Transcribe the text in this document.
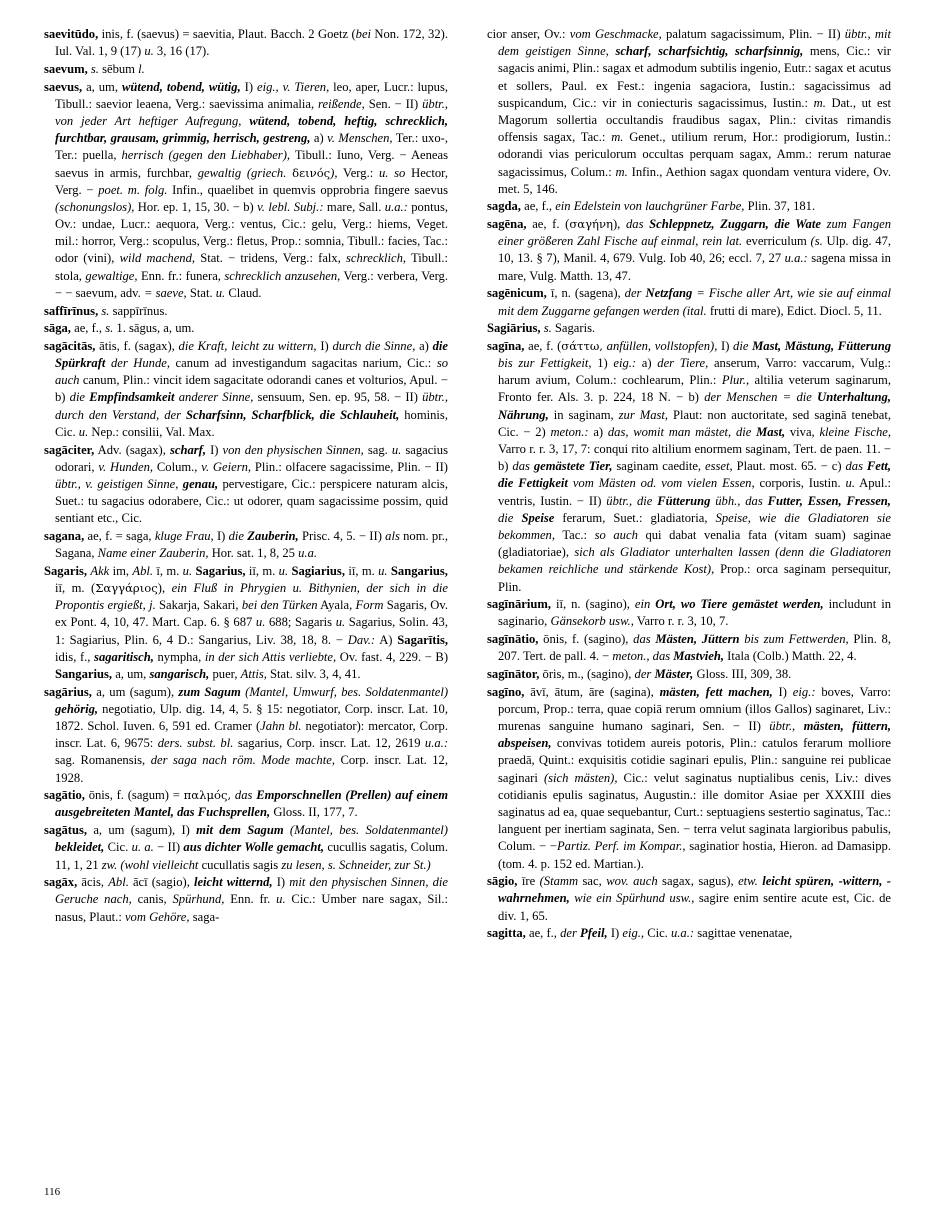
saevitūdo, inis, f. (saevus) = saevitia, Plaut. Bacch. 2 Goetz (bei Non. 172, 32). Iul. Val. 1, 9 (17) u. 3, 16 (17).

saevum, s. sēbum l.

saevus, a, um, wütend, tobend, wütig, I) eig., v. Tieren, leo, aper, Lucr.: lupus, Tibull.: saevior leaena, Verg.: saevissima animalia, reißende, Sen. − II) übtr., von jeder Art heftiger Aufregung, wütend, tobend, heftig, schrecklich, furchtbar, grausam, grimmig, herrisch, gestreng, a) v. Menschen, Ter.: uxo-, Ter.: puella, herrisch (gegen den Liebhaber), Tibull.: Iuno, Verg. − Aeneas saevus in armis, furchbar, gewaltig (griech. δεινός), Verg.: u. so Hector, Verg. − poet. m. folg. Infin., quaelibet in quemvis opprobria fingere saevus (schonungslos), Hor. ep. 1, 15, 30. − b) v. lebl. Subj.: mare, Sall. u.a.: pontus, Ov.: undae, Lucr.: aequora, Verg.: ventus, Cic.: gelu, Verg.: hiems, Veget. mil.: horror, Verg.: scopulus, Verg.: fletus, Prop.: somnia, Tibull.: facies, Tac.: odor (vini), wild machend, Stat. − tridens, Verg.: falx, schrecklich, Tibull.: stola, gewaltige, Enn. fr.: funera, schrecklich anzusehen, Verg.: verbera, Verg. − − saevum, adv. = saeve, Stat. u. Claud.

saffīrīnus, s. sappīrīnus.

sāga, ae, f., s. 1. sāgus, a, um.

sagācitās, ātis, f. (sagax), die Kraft, leicht zu wittern, I) durch die Sinne, a) die Spürkraft der Hunde, canum ad investigandum sagacitas narium, Cic.: so auch canum, Plin.: vincit idem sagacitate odorandi canes et volturios, Apul. − b) die Empfindsamkeit anderer Sinne, sensuum, Sen. ep. 95, 58. − II) übtr., durch den Verstand, der Scharfsinn, Scharfblick, die Schlauheit, hominis, Cic. u. Nep.: consilii, Val. Max.

sagāciter, Adv. (sagax), scharf, I) von den physischen Sinnen, sag. u. sagacius odorari, v. Hunden, Colum., v. Geiern, Plin.: olfacere sagacissime, Plin. − II) übtr., v. geistigen Sinne, genau, pervestigare, Cic.: perspicere naturam alcis, Suet.: tu sagacius odorabere, Cic.: ut odorer, quam sagacissime possim, quid sentiant etc., Cic.

sagana, ae, f. = saga, kluge Frau, I) die Zauberin, Prisc. 4, 5. − II) als nom. pr., Sagana, Name einer Zauberin, Hor. sat. 1, 8, 25 u.a.

Sagaris, Akk im, Abl. ī, m. u. Sagarius, iī, m. u. Sagiarius, iī, m. u. Sangarius, iī, m. (Σαγγάριος), ein Fluß in Phrygien u. Bithynien, der sich in die Propontis ergießt, j. Sakarja, Sakari, bei den Türken Ayala, Form Sagaris, Ov. ex Pont. 4, 10, 47. Mart. Cap. 6. § 687 u. 688; Sagaris u. Sagarius, Solin. 43, 1: Sagiarius, Plin. 6, 4 D.: Sangarius, Liv. 38, 18, 8. − Dav.: A) Sagarītis, idis, f., sagaritisch, nympha, in der sich Attis verliebte, Ov. fast. 4, 229. − B) Sangarius, a, um, sangarisch, puer, Attis, Stat. silv. 3, 4, 41.

sagārius, a, um (sagum), zum Sagum (Mantel, Umwurf, bes. Soldatenmantel) gehörig, negotiatio, Ulp. dig. 14, 4, 5. § 15: negotiator, Corp. inscr. Lat. 10, 1872. Schol. Iuven. 6, 591 ed. Cramer (Jahn bl. negotiator): mercator, Corp. inscr. Lat. 6, 9675: ders. subst. bl. sagarius, Corp. inscr. Lat. 12, 2619 u.a.: sag. Romanensis, der saga nach röm. Mode machte, Corp. inscr. Lat. 12, 1928.

sagātio, ōnis, f. (sagum) = παλμός, das Emporschnellen (Prellen) auf einem ausgebreiteten Mantel, das Fuchsprellen, Gloss. II, 177, 7.

sagātus, a, um (sagum), I) mit dem Sagum (Mantel, bes. Soldatenmantel) bekleidet, Cic. u. a. − II) aus dichter Wolle gemacht, cucullis sagatis, Colum. 11, 1, 21 zw. (wohl vielleicht cucullatis sagis zu lesen, s. Schneider, zur St.)

sagāx, ācis, Abl. ācī (sagio), leicht witternd, I) mit den physischen Sinnen, die Geruche nach, canis, Spürhund, Enn. fr. u. Cic.: Umber nare sagax, Sil.: nasus, Plaut.: vom Gehöre, saga-

cior anser, Ov.: vom Geschmacke, palatum sagacissimum, Plin. − II) übtr., mit dem geistigen Sinne, scharf, scharfsichtig, scharfsinnig, mens, Cic.: vir sagacis animi, Plin.: sagax et admodum subtilis ingenio, Eutr.: sagax et acutus et sollers, Paul. ex Fest.: ingenia sagaciora, Iustin.: sagacissimus ad suspicandum, Cic.: vir in coniecturis sagacissimus, Iustin.: m. Dat., ut est Magorum sollertia occultandis fraudibus sagax, Plin.: civitas rimandis offensis sagax, Tac.: m. Genet., utilium rerum, Hor.: prodigiorum, Iustin.: odorandi vias periculorum occultas perquam sagax, Amm.: rerum naturae sagacissimus, Colum.: m. Infin., Aethion sagax quondam ventura videre, Ov. met. 5, 146.

sagda, ae, f., ein Edelstein von lauchgrüner Farbe, Plin. 37, 181.

sagēna, ae, f. (σαγήνη), das Schleppnetz, Zuggarn, die Wate zum Fangen einer größeren Zahl Fische auf einmal, rein lat. everriculum (s. Ulp. dig. 47, 10, 13. § 7), Manil. 4, 679. Vulg. Iob 40, 26; eccl. 7, 27 u.a.: sagena missa in mare, Vulg. Matth. 13, 47.

sagēnicum, ī, n. (sagena), der Netzfang = Fische aller Art, wie sie auf einmal mit dem Zuggarne gefangen werden (ital. frutti di mare), Edict. Diocl. 5, 11.

Sagiārius, s. Sagaris.

sagīna, ae, f. (σάττω, anfüllen, vollstopfen), I) die Mast, Mästung, Fütterung bis zur Fettigkeit, 1) eig.: a) der Tiere, anserum, Varro: vaccarum, Vulg.: harum avium, Colum.: cochlearum, Plin.: Plur., altilia veterum saginarum, Fronto fer. Als. 3. p. 224, 18 N. − b) der Menschen = die Unterhaltung, Nährung, in saginam, zur Mast, Plaut: non auctoritate, sed saginā tenebat, Cic. − 2) meton.: a) das, womit man mästet, die Mast, viva, kleine Fische, Varro r. r. 3, 17, 7: conqui rito altilium enormem saginam, Tert. de paen. 11. − b) das gemästete Tier, saginam caedite, esset, Plaut. most. 65. − c) das Fett, die Fettigkeit vom Mästen od. vom vielen Essen, corporis, Iustin. u. Apul.: ventris, Iustin. − II) übtr., die Fütterung übh., das Futter, Essen, Fressen, die Speise ferarum, Suet.: gladiatoria, Speise, wie die Gladiatoren sie bekommen, Tac.: so auch qui dabat venalia fata (vitam suam) saginae (gladiatoriae), sich als Gladiator unterhalten lassen (denn die Gladiatoren bekamen reichliche und stärkende Kost), Prop.: orca saginam persequitur, Plin.

sagīnārium, iī, n. (sagino), ein Ort, wo Tiere gemästet werden, includunt in saginario, Gänsekorb usw., Varro r. r. 3, 10, 7.

sagīnātio, ōnis, f. (sagino), das Mästen, Jüttern bis zum Fettwerden, Plin. 8, 207. Tert. de pall. 4. − meton., das Mastvieh, Itala (Colb.) Matth. 22, 4.

sagīnātor, ōris, m., (sagino), der Mäster, Gloss. III, 309, 38.

sagīno, āvī, ātum, āre (sagina), mästen, fett machen, I) eig.: boves, Varro: porcum, Prop.: terra, quae copiā rerum omnium (illos Gallos) saginaret, Liv.: murenas sanguine humano saginari, Sen. − II) übtr., mästen, füttern, abspeisen, convivas totidem aureis potoris, Plin.: catulos ferarum molliore praedā, Quint.: exquisitis cotidie saginari epulis, Plin.: sanguine rei publicae saginari (sich mästen), Cic.: velut saginatus nuptialibus cenis, Liv.: dives cotidianis epulis saginatus, Augustin.: ille domitor Asiae per XXXIII dies saginatus ad ea, quae sequebantur, Curt.: septuagiens sestertio saginatus, Tac.: languent per inertiam saginata, Sen. − terra velut saginata largioribus pabulis, Colum. − −Partiz. Perf. im Kompar., saginatior hostia, Hieron. ad Damasipp. (tom. 4. p. 152 ed. Martian.).

sāgio, īre (Stamm sac, wov. auch sagax, sagus), etw. leicht spüren, -wittern, -wahrnehmen, wie ein Spürhund usw., sagire enim sentire acute est, Cic. de div. 1, 65.

sagitta, ae, f., der Pfeil, I) eig., Cic. u.a.: sagittae venenatae,

116
